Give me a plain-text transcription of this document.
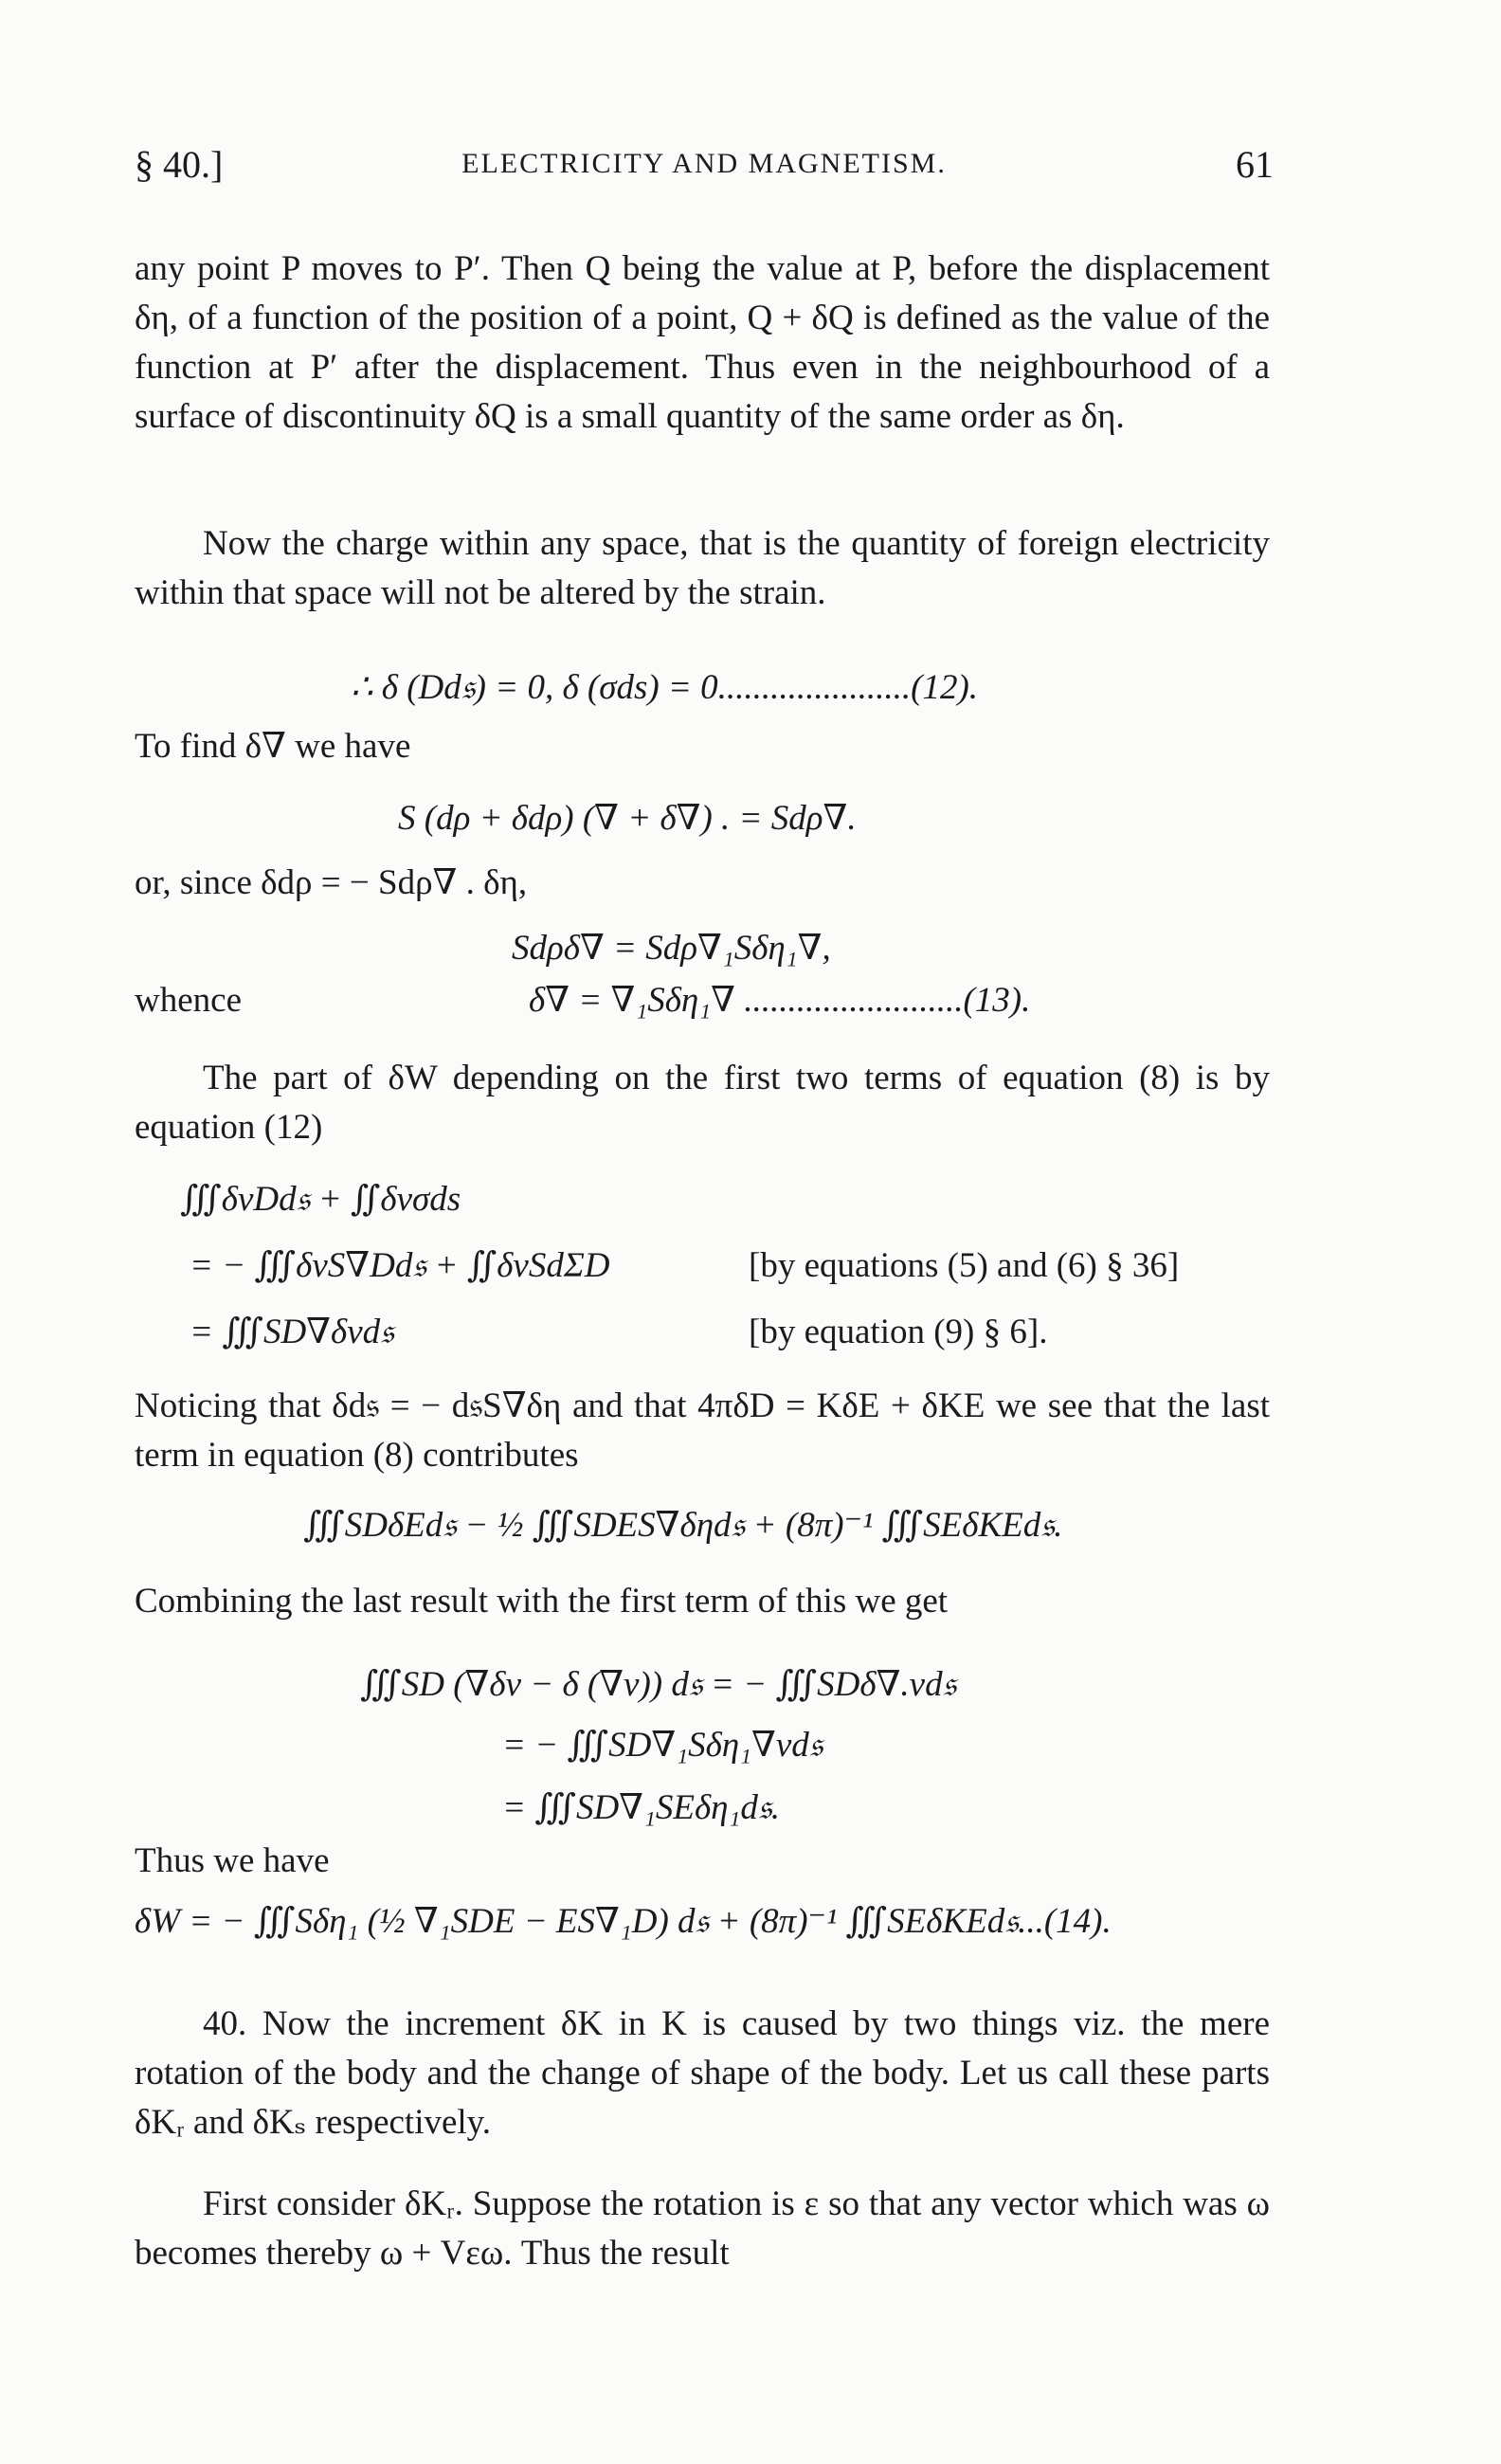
§ 40.]	ELECTRICITY AND MAGNETISM.	61

any point P moves to P′. Then Q being the value at P, before the displacement δη, of a function of the position of a point, Q + δQ is defined as the value of the function at P′ after the displacement. Thus even in the neighbourhood of a surface of discontinuity δQ is a small quantity of the same order as δη.

Now the charge within any space, that is the quantity of foreign electricity within that space will not be altered by the strain.

∴ δ (Dd𝔰) = 0, δ (σds) = 0......................(12).
To find δ∇ we have
S (dρ + δdρ) (∇ + δ∇) . = Sdρ∇.
or, since δdρ = − Sdρ∇ . δη,
Sdρδ∇ = Sdρ∇₁Sδη₁∇,
whence	δ∇ = ∇₁Sδη₁∇ .........................(13).

The part of δW depending on the first two terms of equation (8) is by equation (12)

∭δvDd𝔰 + ∬δvσds
= − ∭δvS∇Dd𝔰 + ∬δvSdΣD	[by equations (5) and (6) § 36]
= ∭SD∇δvd𝔰	[by equation (9) § 6].

Noticing that δd𝔰 = − d𝔰S∇δη and that 4πδD = KδE + δKE we see that the last term in equation (8) contributes

∭SDδEd𝔰 − ½ ∭SDES∇δηd𝔰 + (8π)⁻¹ ∭SEδKEd𝔰.
Combining the last result with the first term of this we get
∭SD (∇δv − δ (∇v)) d𝔰 = − ∭SDδ∇.vd𝔰
= − ∭SD∇₁Sδη₁∇vd𝔰
= ∭SD∇₁SEδη₁d𝔰.
Thus we have
δW = − ∭Sδη₁ (½ ∇₁SDE − ES∇₁D) d𝔰 + (8π)⁻¹ ∭SEδKEd𝔰...(14).

40. Now the increment δK in K is caused by two things viz. the mere rotation of the body and the change of shape of the body. Let us call these parts δKᵣ and δKₛ respectively.

First consider δKᵣ. Suppose the rotation is ε so that any vector which was ω becomes thereby ω + Vεω. Thus the result
